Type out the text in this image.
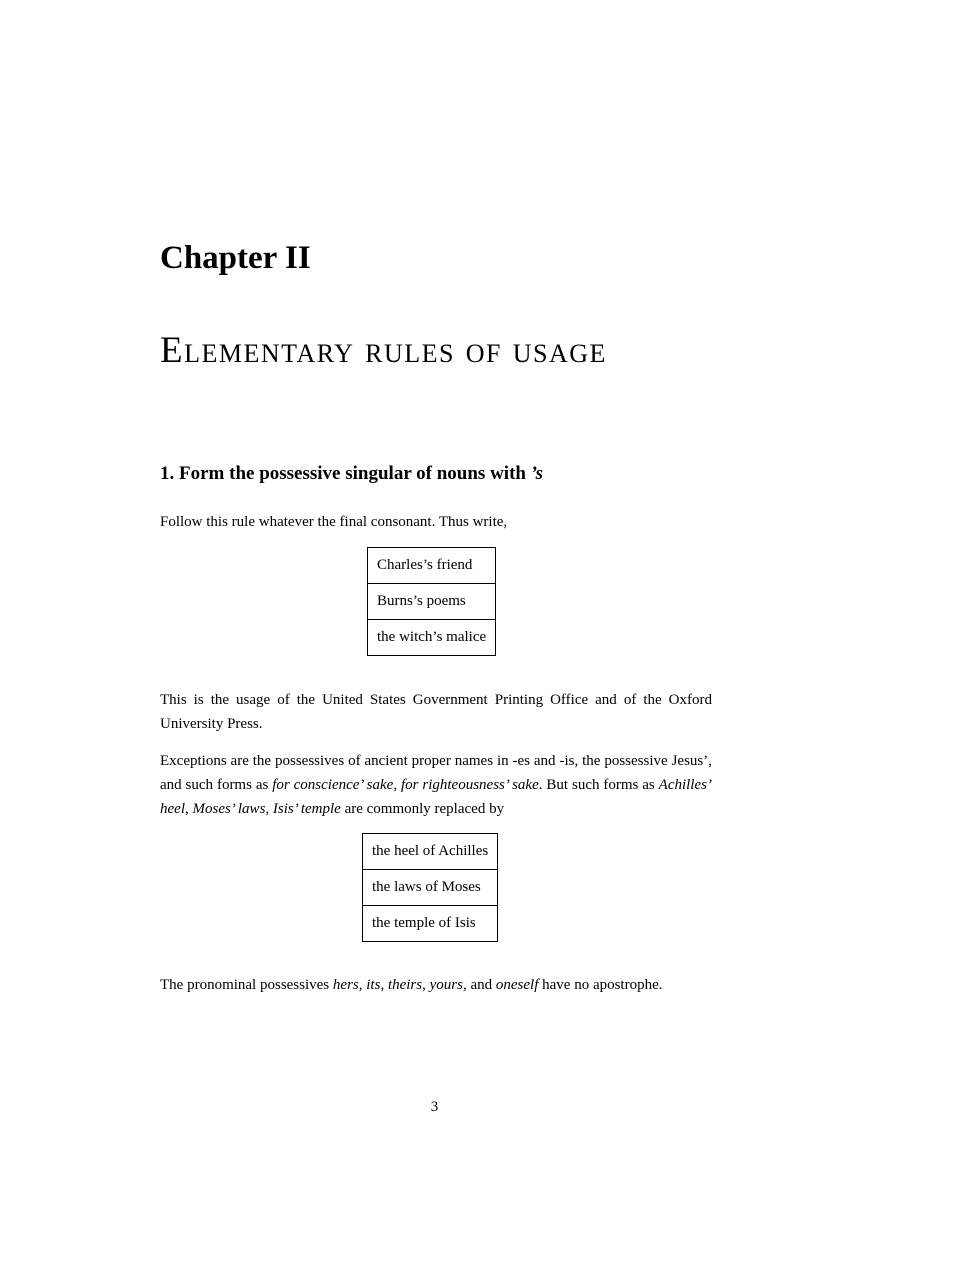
Chapter II
Elementary rules of usage
1. Form the possessive singular of nouns with ’s

Follow this rule whatever the final consonant. Thus write,

Charles’s friend
Burns’s poems
the witch’s malice

This is the usage of the United States Government Printing Office and of the Oxford University Press.

Exceptions are the possessives of ancient proper names in -es and -is, the possessive Jesus’, and such forms as for conscience’ sake, for righteousness’ sake. But such forms as Achilles’ heel, Moses’ laws, Isis’ temple are commonly replaced by

the heel of Achilles
the laws of Moses
the temple of Isis

The pronominal possessives hers, its, theirs, yours, and oneself have no apostrophe.

3
